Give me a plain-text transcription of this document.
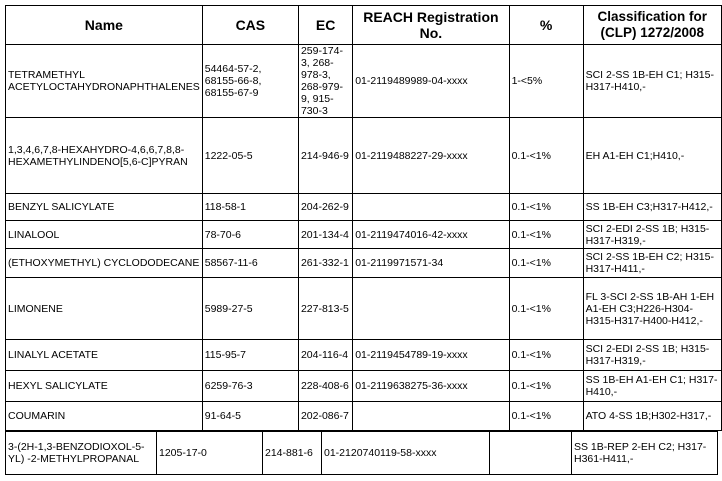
Name	CAS	EC	REACH Registration No.	%	Classification for (CLP) 1272/2008
TETRAMETHYL ACETYLOCTAHYDRONAPHTHALENES	54464-57-2, 68155-66-8, 68155-67-9	259-174-3, 268-978-3, 268-979-9, 915-730-3	01-2119489989-04-xxxx	1-<5%	SCI 2-SS 1B-EH C1; H315-H317-H410,-
1,3,4,6,7,8-HEXAHYDRO-4,6,6,7,8,8-HEXAMETHYLINDENO[5,6-C]PYRAN	1222-05-5	214-946-9	01-2119488227-29-xxxx	0.1-<1%	EH A1-EH C1;H410,-
BENZYL SALICYLATE	118-58-1	204-262-9		0.1-<1%	SS 1B-EH C3;H317-H412,-
LINALOOL	78-70-6	201-134-4	01-2119474016-42-xxxx	0.1-<1%	SCI 2-EDI 2-SS 1B; H315-H317-H319,-
(ETHOXYMETHYL) CYCLODODECANE	58567-11-6	261-332-1	01-2119971571-34	0.1-<1%	SCI 2-SS 1B-EH C2; H315-H317-H411,-
LIMONENE	5989-27-5	227-813-5		0.1-<1%	FL 3-SCI 2-SS 1B-AH 1-EH A1-EH C3;H226-H304-H315-H317-H400-H412,-
LINALYL ACETATE	115-95-7	204-116-4	01-2119454789-19-xxxx	0.1-<1%	SCI 2-EDI 2-SS 1B; H315-H317-H319,-
HEXYL SALICYLATE	6259-76-3	228-408-6	01-2119638275-36-xxxx	0.1-<1%	SS 1B-EH A1-EH C1; H317-H410,-
COUMARIN	91-64-5	202-086-7		0.1-<1%	ATO 4-SS 1B;H302-H317,-
3-(2H-1,3-BENZODIOXOL-5-YL) -2-METHYLPROPANAL	1205-17-0	214-881-6	01-2120740119-58-xxxx		SS 1B-REP 2-EH C2; H317-H361-H411,-
